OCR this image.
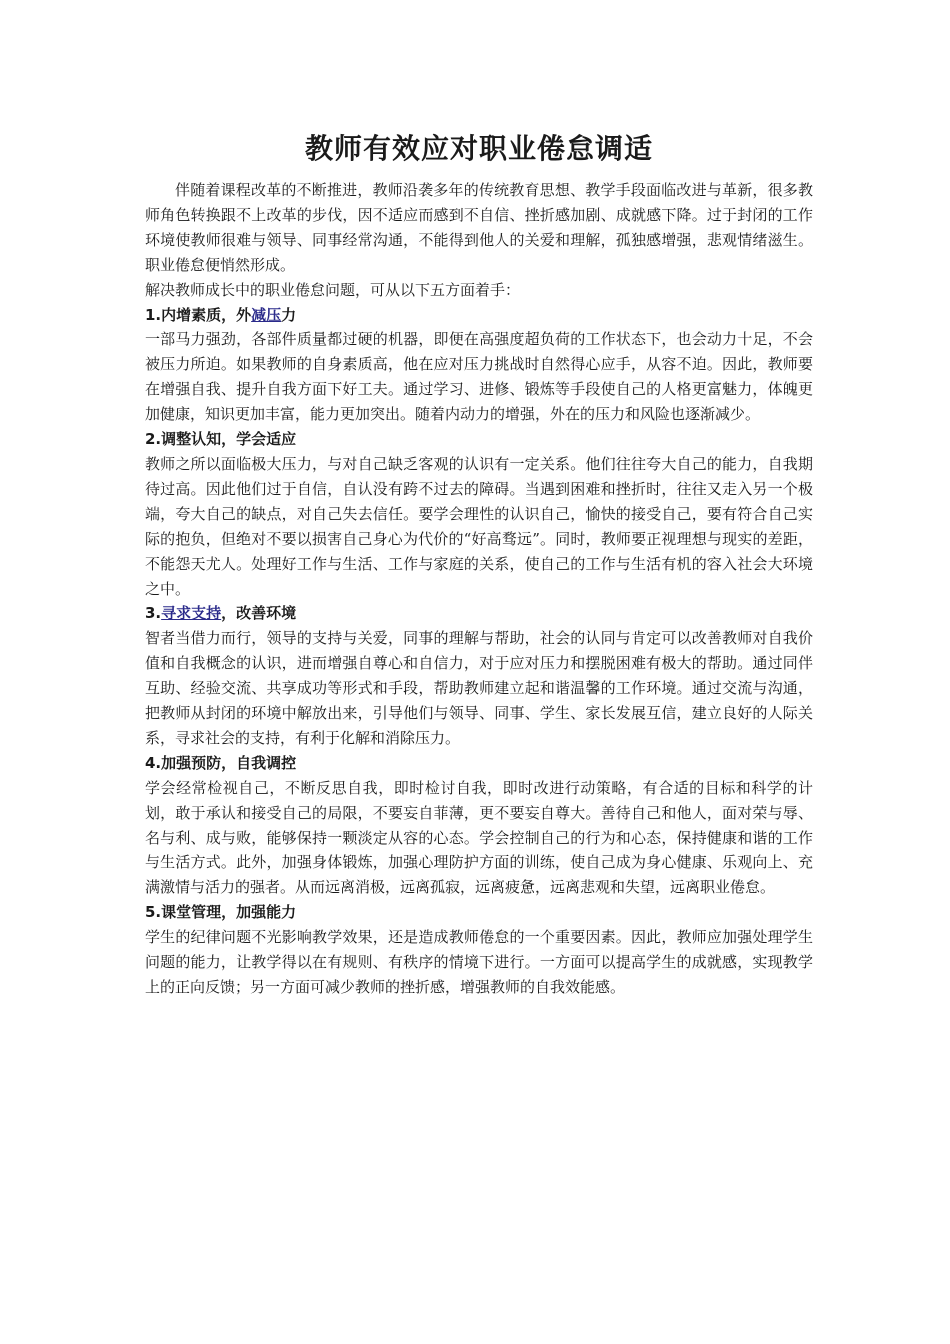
教师有效应对职业倦怠调适

伴随着课程改革的不断推进，教师沿袭多年的传统教育思想、教学手段面临改进与革新，很多教师角色转换跟不上改革的步伐，因不适应而感到不自信、挫折感加剧、成就感下降。过于封闭的工作环境使教师很难与领导、同事经常沟通，不能得到他人的关爱和理解，孤独感增强，悲观情绪滋生。职业倦怠便悄然形成。

解决教师成长中的职业倦怠问题，可从以下五方面着手：

1.内增素质，外减压力

一部马力强劲，各部件质量都过硬的机器，即便在高强度超负荷的工作状态下，也会动力十足，不会被压力所迫。如果教师的自身素质高，他在应对压力挑战时自然得心应手，从容不迫。因此，教师要在增强自我、提升自我方面下好工夫。通过学习、进修、锻炼等手段使自己的人格更富魅力，体魄更加健康，知识更加丰富，能力更加突出。随着内动力的增强，外在的压力和风险也逐渐减少。

2.调整认知，学会适应

教师之所以面临极大压力，与对自己缺乏客观的认识有一定关系。他们往往夸大自己的能力，自我期待过高。因此他们过于自信，自认没有跨不过去的障碍。当遇到困难和挫折时，往往又走入另一个极端，夸大自己的缺点，对自己失去信任。要学会理性的认识自己，愉快的接受自己，要有符合自己实际的抱负，但绝对不要以损害自己身心为代价的“好高骛远”。同时，教师要正视理想与现实的差距，不能怨天尤人。处理好工作与生活、工作与家庭的关系，使自己的工作与生活有机的容入社会大环境之中。

3.寻求支持，改善环境

智者当借力而行，领导的支持与关爱，同事的理解与帮助，社会的认同与肯定可以改善教师对自我价值和自我概念的认识，进而增强自尊心和自信力，对于应对压力和摆脱困难有极大的帮助。通过同伴互助、经验交流、共享成功等形式和手段，帮助教师建立起和谐温馨的工作环境。通过交流与沟通，把教师从封闭的环境中解放出来，引导他们与领导、同事、学生、家长发展互信，建立良好的人际关系，寻求社会的支持，有利于化解和消除压力。

4.加强预防，自我调控

学会经常检视自己，不断反思自我，即时检讨自我，即时改进行动策略，有合适的目标和科学的计划，敢于承认和接受自己的局限，不要妄自菲薄，更不要妄自尊大。善待自己和他人，面对荣与辱、名与利、成与败，能够保持一颗淡定从容的心态。学会控制自己的行为和心态，保持健康和谐的工作与生活方式。此外，加强身体锻炼，加强心理防护方面的训练，使自己成为身心健康、乐观向上、充满激情与活力的强者。从而远离消极，远离孤寂，远离疲惫，远离悲观和失望，远离职业倦怠。

5.课堂管理，加强能力

学生的纪律问题不光影响教学效果，还是造成教师倦怠的一个重要因素。因此，教师应加强处理学生问题的能力，让教学得以在有规则、有秩序的情境下进行。一方面可以提高学生的成就感，实现教学上的正向反馈；另一方面可减少教师的挫折感，增强教师的自我效能感。
